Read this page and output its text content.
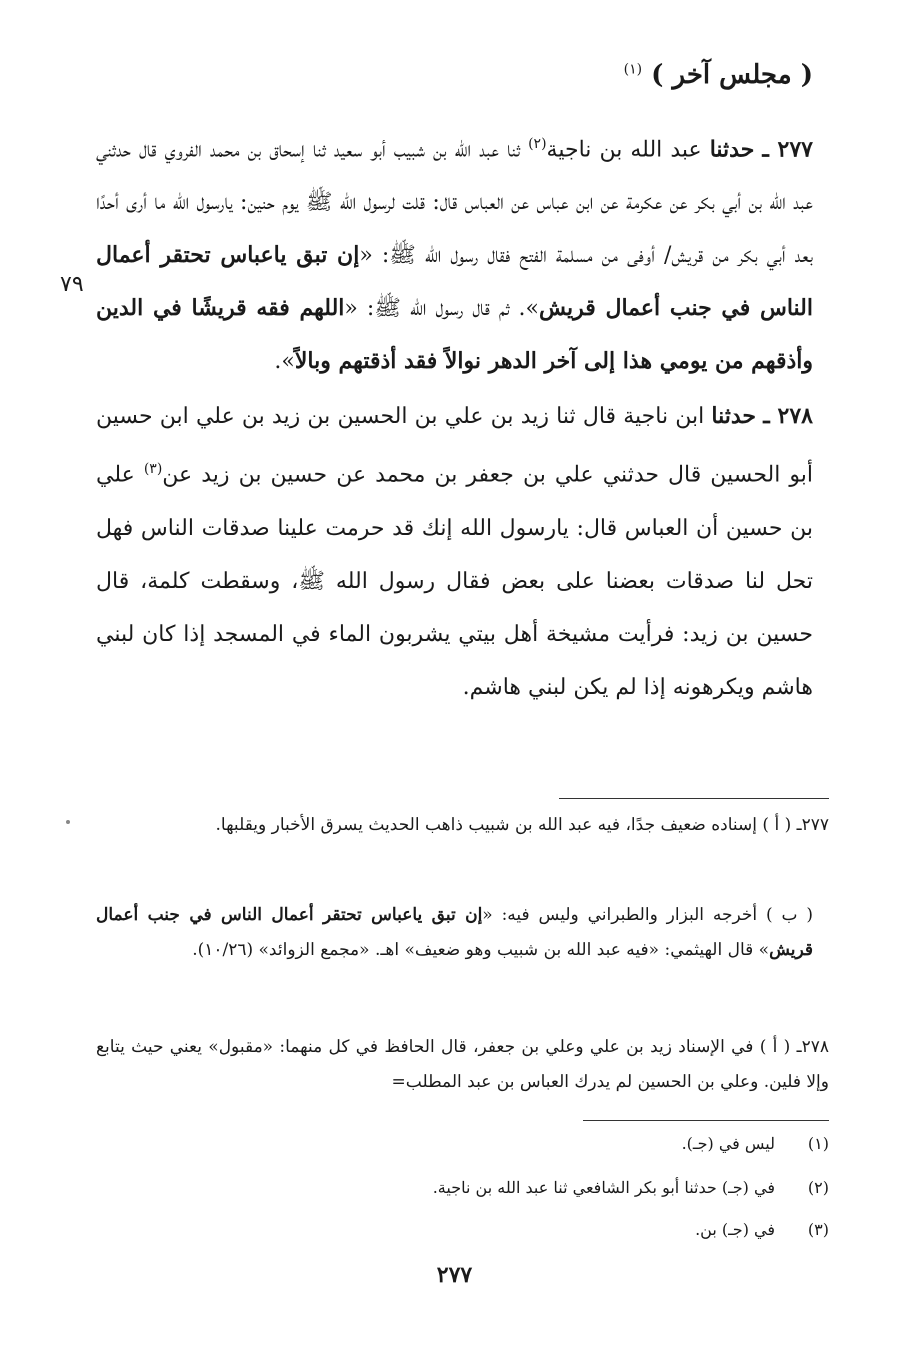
( مجلس آخر ) $^{(١)}$

٢٧٧ ـ حدثنا عبد الله بن ناجية$^{(٢)}$ ثنا عبد الله بن شبيب أبو سعيد ثنا إسحاق بن محمد الفروي قال حدثني عبد الله بن أبي بكر عن عكرمة عن ابن عباس عن العباس قال: قلت لرسول الله ﷺ يوم حنين: يارسول الله ما أرى أحدًا بعد أبي بكر من قريش/ أوفى من مسلمة الفتح فقال رسول الله ﷺ: «إن تبق ياعباس تحتقر أعمال الناس في جنب أعمال قريش». ثم قال رسول الله ﷺ: «اللهم فقه قريشًا في الدين وأذقهم من يومي هذا إلى آخر الدهر نوالاً فقد أذقتهم وبالاً».

٢٧٨ ـ حدثنا ابن ناجية قال ثنا زيد بن علي بن الحسين بن زيد بن علي ابن حسين أبو الحسين قال حدثني علي بن جعفر بن محمد عن حسين بن زيد عن$^{(٣)}$ علي بن حسين أن العباس قال: يارسول الله إنك قد حرمت علينا صدقات الناس فهل تحل لنا صدقات بعضنا على بعض فقال رسول الله ﷺ، وسقطت كلمة، قال حسين بن زيد: فرأيت مشيخة أهل بيتي يشربون الماء في المسجد إذا كان لبني هاشم ويكرهونه إذا لم يكن لبني هاشم.

٧٩
٢٧٧ـ ( أ ) إسناده ضعيف جدًا، فيه عبد الله بن شبيب ذاهب الحديث يسرق الأخبار ويقلبها.
( ب ) أخرجه البزار والطبراني وليس فيه: «إن تبق ياعباس تحتقر أعمال الناس في جنب أعمال قريش» قال الهيثمي: «فيه عبد الله بن شبيب وهو ضعيف» اهـ. «مجمع الزوائد» (١٠/٢٦).
٢٧٨ـ ( أ ) في الإسناد زيد بن علي وعلي بن جعفر، قال الحافظ في كل منهما: «مقبول» يعني حيث يتابع وإلا فلين. وعلي بن الحسين لم يدرك العباس بن عبد المطلب=
(١)ليس في (جـ).
(٢)في (جـ) حدثنا أبو بكر الشافعي ثنا عبد الله بن ناجية.
(٣)في (جـ) بن.
٢٧٧
